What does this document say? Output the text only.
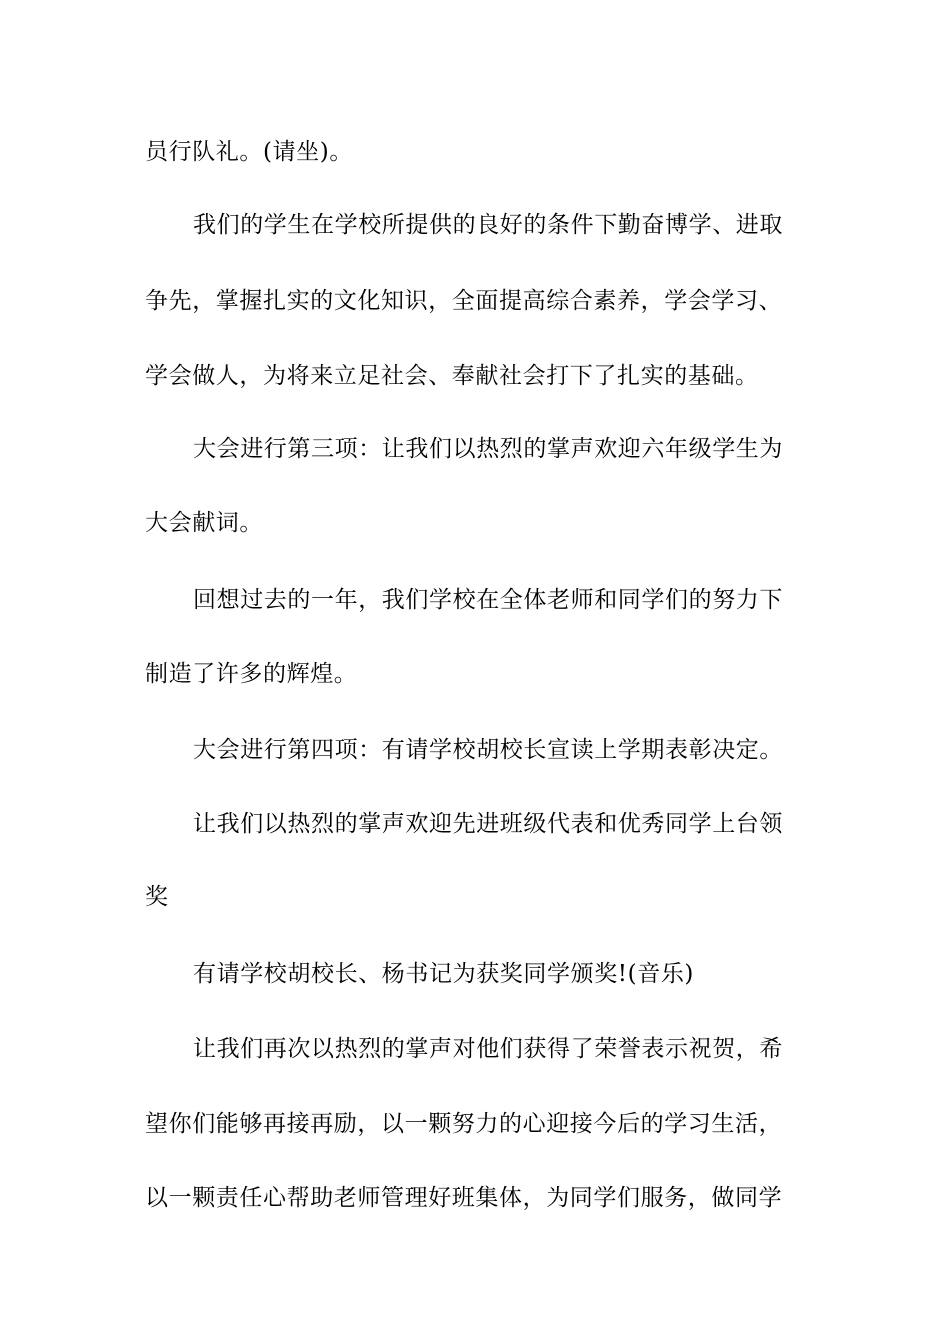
员行队礼。(请坐)。

我们的学生在学校所提供的良好的条件下勤奋博学、进取

争先，掌握扎实的文化知识，全面提高综合素养，学会学习、

学会做人，为将来立足社会、奉献社会打下了扎实的基础。

大会进行第三项：让我们以热烈的掌声欢迎六年级学生为

大会献词。

回想过去的一年，我们学校在全体老师和同学们的努力下

制造了许多的辉煌。

大会进行第四项：有请学校胡校长宣读上学期表彰决定。

让我们以热烈的掌声欢迎先进班级代表和优秀同学上台领

奖

有请学校胡校长、杨书记为获奖同学颁奖!(音乐)

让我们再次以热烈的掌声对他们获得了荣誉表示祝贺，希

望你们能够再接再励，以一颗努力的心迎接今后的学习生活，

以一颗责任心帮助老师管理好班集体，为同学们服务，做同学
